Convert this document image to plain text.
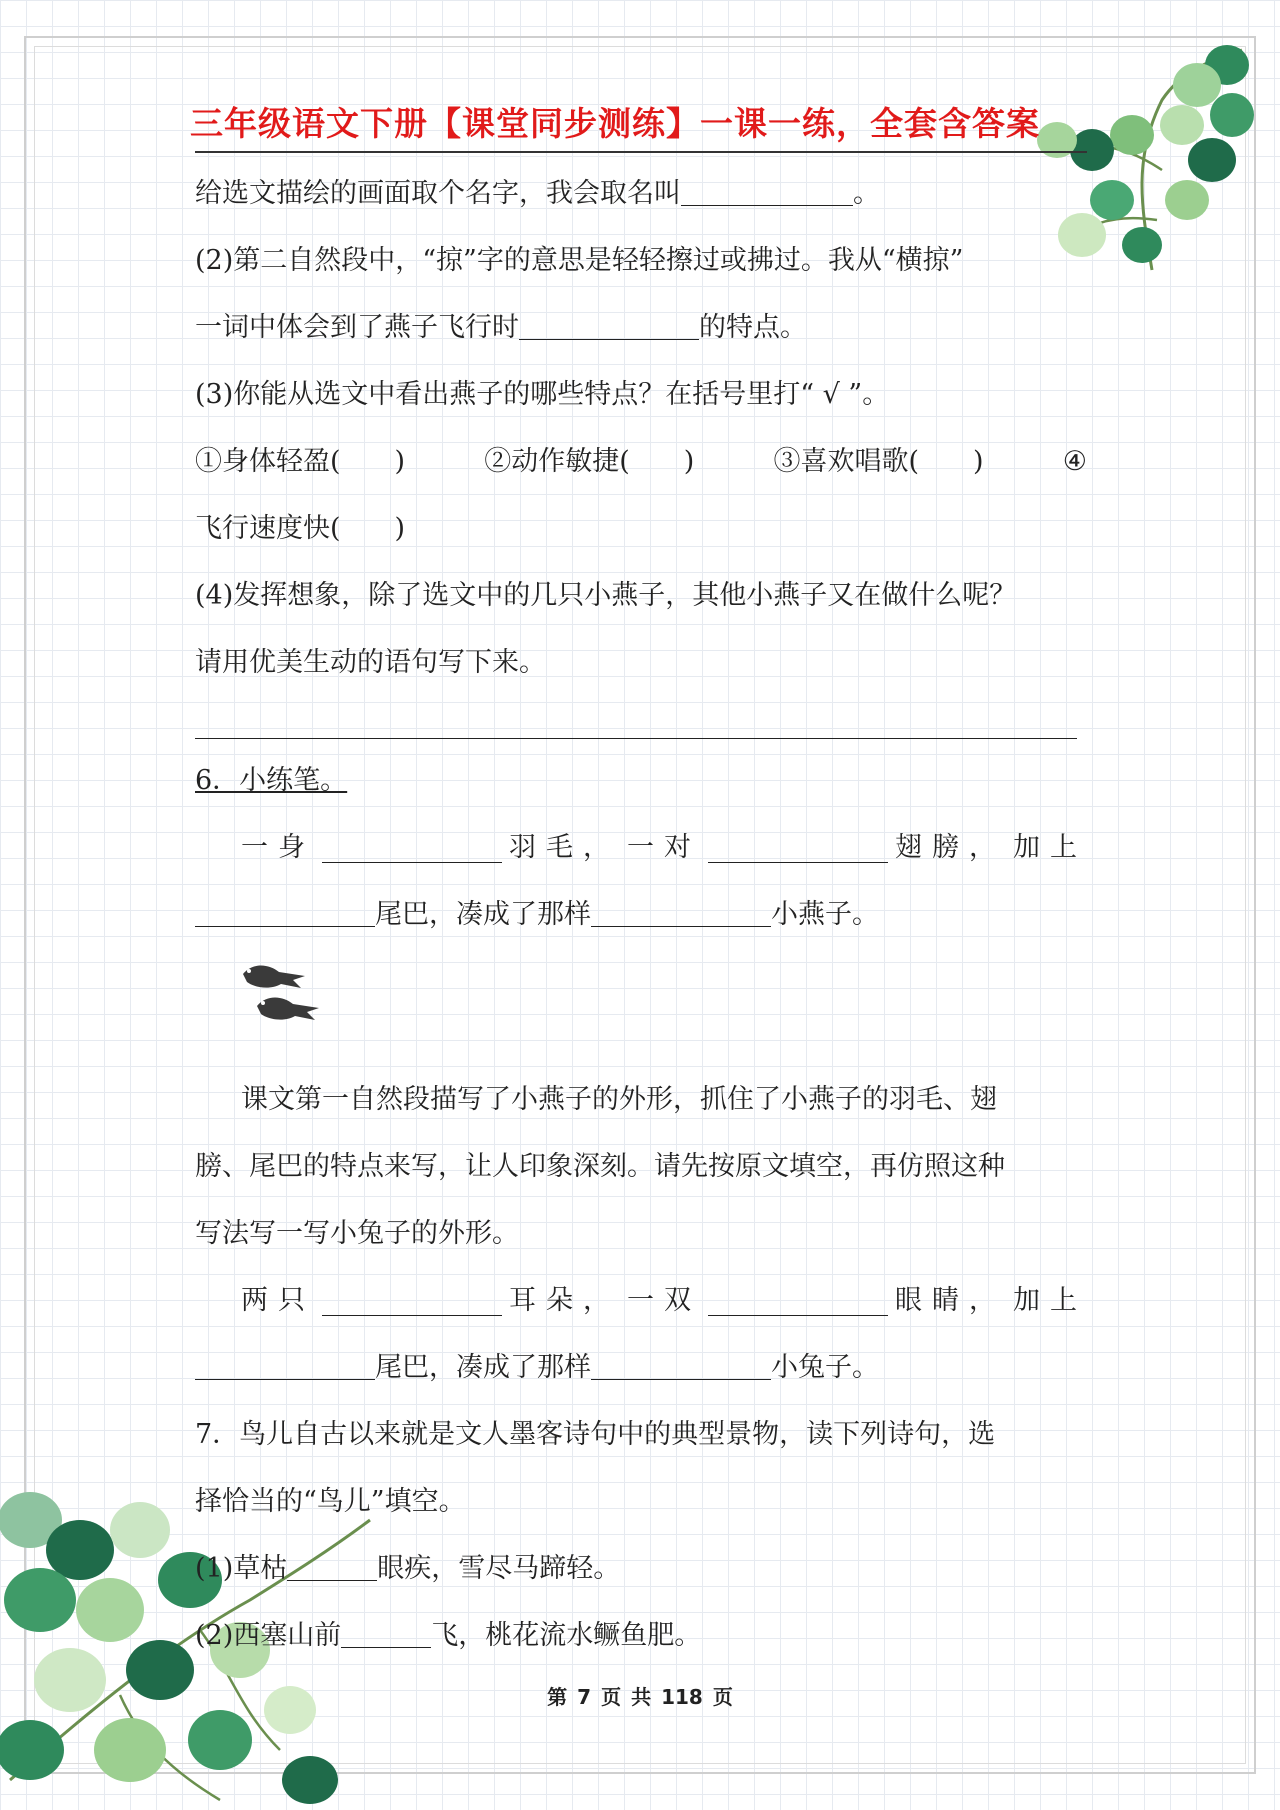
三年级语文下册【课堂同步测练】一课一练，全套含答案
给选文描绘的画面取个名字，我会取名叫	。
(2)第二自然段中，“掠”字的意思是轻轻擦过或拂过。我从“横掠”
一词中体会到了燕子飞行时	的特点。
(3)你能从选文中看出燕子的哪些特点？在括号里打“ √ ”。
①身体轻盈(　　)	②动作敏捷(　　)	③喜欢唱歌(　　)	④
飞行速度快(　　)
(4)发挥想象，除了选文中的几只小燕子，其他小燕子又在做什么呢？
请用优美生动的语句写下来。
6．小练笔。
一身	羽毛， 一对	翅膀， 加上
尾巴，凑成了那样	小燕子。
课文第一自然段描写了小燕子的外形，抓住了小燕子的羽毛、翅
膀、尾巴的特点来写，让人印象深刻。请先按原文填空，再仿照这种
写法写一写小兔子的外形。
两只	耳朵， 一双	眼睛， 加上
尾巴，凑成了那样	小兔子。
7．鸟儿自古以来就是文人墨客诗句中的典型景物，读下列诗句，选
择恰当的“鸟儿”填空。
(1)草枯	眼疾，雪尽马蹄轻。
(2)西塞山前	飞，桃花流水鳜鱼肥。
第 7 页 共 118 页
